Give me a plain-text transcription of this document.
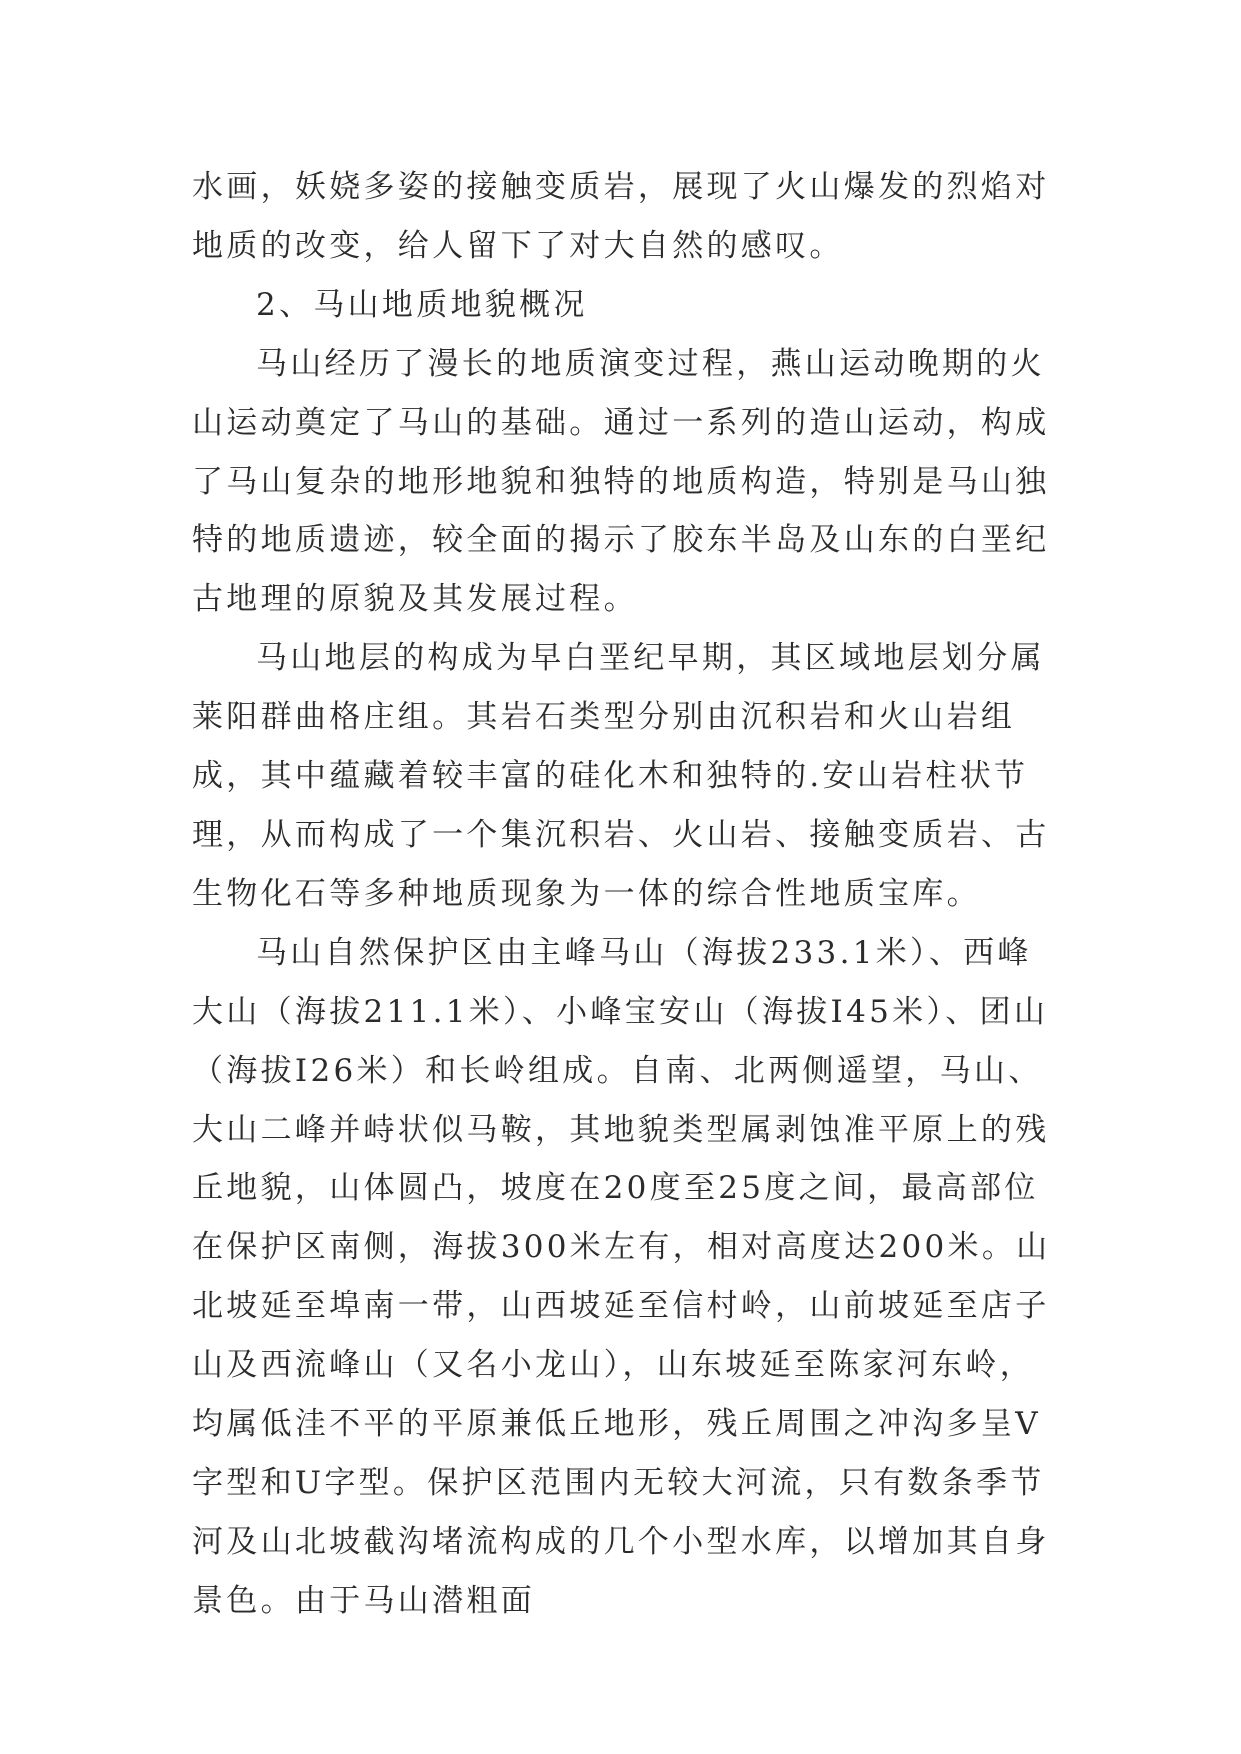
水画，妖娆多姿的接触变质岩，展现了火山爆发的烈焰对地质的改变，给人留下了对大自然的感叹。

2、马山地质地貌概况

马山经历了漫长的地质演变过程，燕山运动晚期的火山运动奠定了马山的基础。通过一系列的造山运动，构成了马山复杂的地形地貌和独特的地质构造，特别是马山独特的地质遗迹，较全面的揭示了胶东半岛及山东的白垩纪古地理的原貌及其发展过程。

马山地层的构成为早白垩纪早期，其区域地层划分属莱阳群曲格庄组。其岩石类型分别由沉积岩和火山岩组成，其中蕴藏着较丰富的硅化木和独特的.安山岩柱状节理，从而构成了一个集沉积岩、火山岩、接触变质岩、古生物化石等多种地质现象为一体的综合性地质宝库。

马山自然保护区由主峰马山（海拔233.1米）、西峰大山（海拔211.1米）、小峰宝安山（海拔I45米）、团山（海拔I26米）和长岭组成。自南、北两侧遥望，马山、大山二峰并峙状似马鞍，其地貌类型属剥蚀准平原上的残丘地貌，山体圆凸，坡度在20度至25度之间，最高部位在保护区南侧，海拔300米左有，相对高度达200米。山北坡延至埠南一带，山西坡延至信村岭，山前坡延至店子山及西流峰山（又名小龙山），山东坡延至陈家河东岭，均属低洼不平的平原兼低丘地形，残丘周围之冲沟多呈V字型和U字型。保护区范围内无较大河流，只有数条季节河及山北坡截沟堵流构成的几个小型水库，以增加其自身景色。由于马山潜粗面
